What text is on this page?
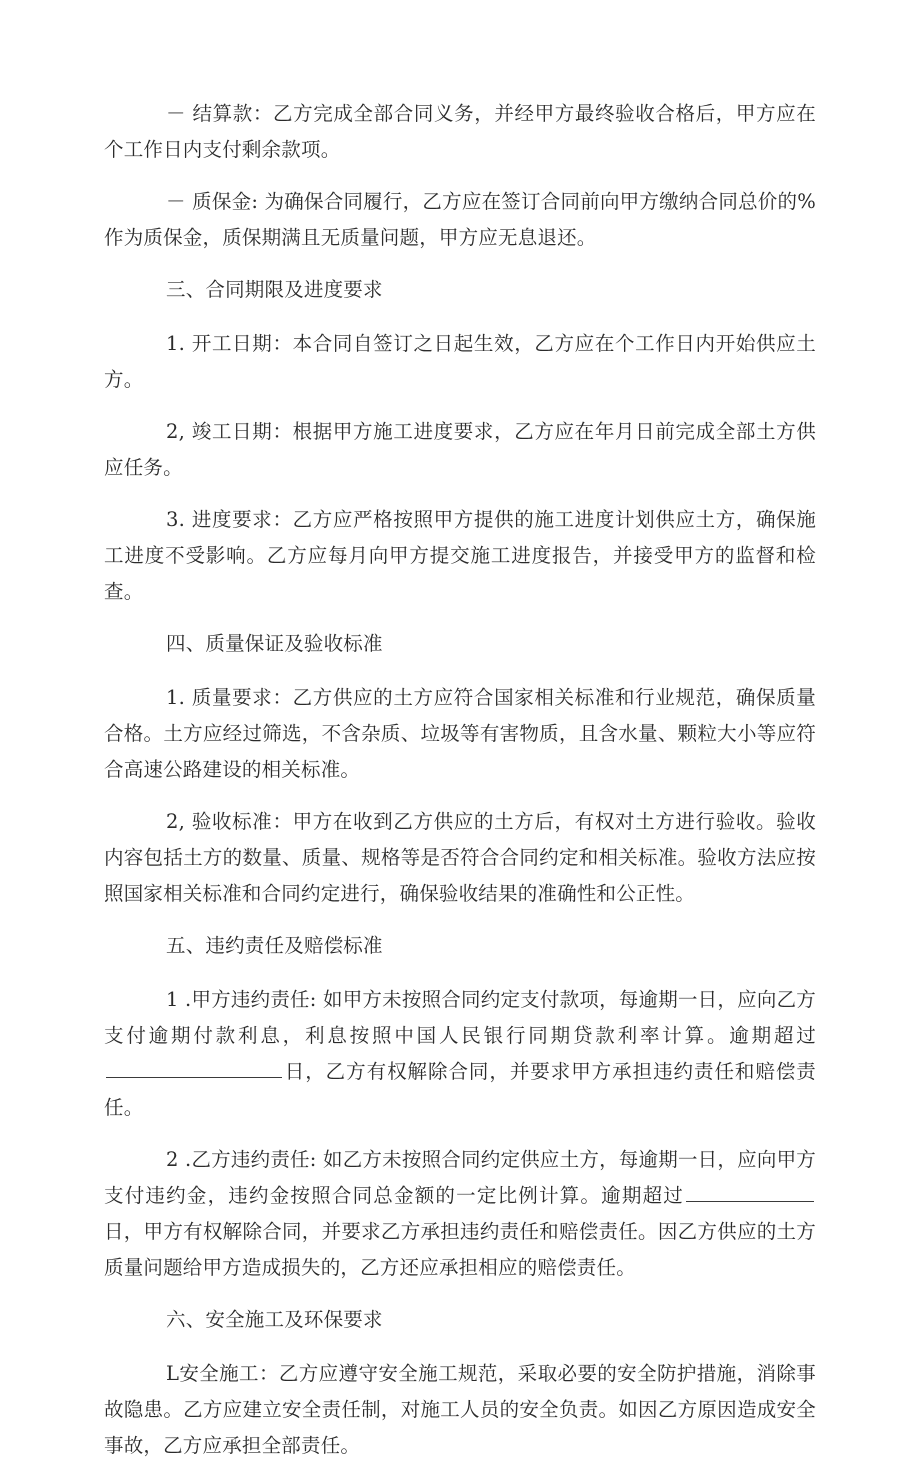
－ 结算款：乙方完成全部合同义务，并经甲方最终验收合格后，甲方应在个工作日内支付剩余款项。

－ 质保金: 为确保合同履行，乙方应在签订合同前向甲方缴纳合同总价的%作为质保金，质保期满且无质量问题，甲方应无息退还。

三、合同期限及进度要求

1. 开工日期：本合同自签订之日起生效，乙方应在个工作日内开始供应土方。

2, 竣工日期：根据甲方施工进度要求，乙方应在年月日前完成全部土方供应任务。

3. 进度要求：乙方应严格按照甲方提供的施工进度计划供应土方，确保施工进度不受影响。乙方应每月向甲方提交施工进度报告，并接受甲方的监督和检查。

四、质量保证及验收标准

1. 质量要求：乙方供应的土方应符合国家相关标准和行业规范，确保质量合格。土方应经过筛选，不含杂质、垃圾等有害物质，且含水量、颗粒大小等应符合高速公路建设的相关标准。

2, 验收标准：甲方在收到乙方供应的土方后，有权对土方进行验收。验收内容包括土方的数量、质量、规格等是否符合合同约定和相关标准。验收方法应按照国家相关标准和合同约定进行，确保验收结果的准确性和公正性。

五、违约责任及赔偿标准

1 .甲方违约责任: 如甲方未按照合同约定支付款项，每逾期一日，应向乙方支付逾期付款利息，利息按照中国人民银行同期贷款利率计算。逾期超过日，乙方有权解除合同，并要求甲方承担违约责任和赔偿责任。

2 .乙方违约责任: 如乙方未按照合同约定供应土方，每逾期一日，应向甲方支付违约金，违约金按照合同总金额的一定比例计算。逾期超过日，甲方有权解除合同，并要求乙方承担违约责任和赔偿责任。因乙方供应的土方质量问题给甲方造成损失的，乙方还应承担相应的赔偿责任。

六、安全施工及环保要求

L安全施工：乙方应遵守安全施工规范，采取必要的安全防护措施，消除事故隐患。乙方应建立安全责任制，对施工人员的安全负责。如因乙方原因造成安全事故，乙方应承担全部责任。
